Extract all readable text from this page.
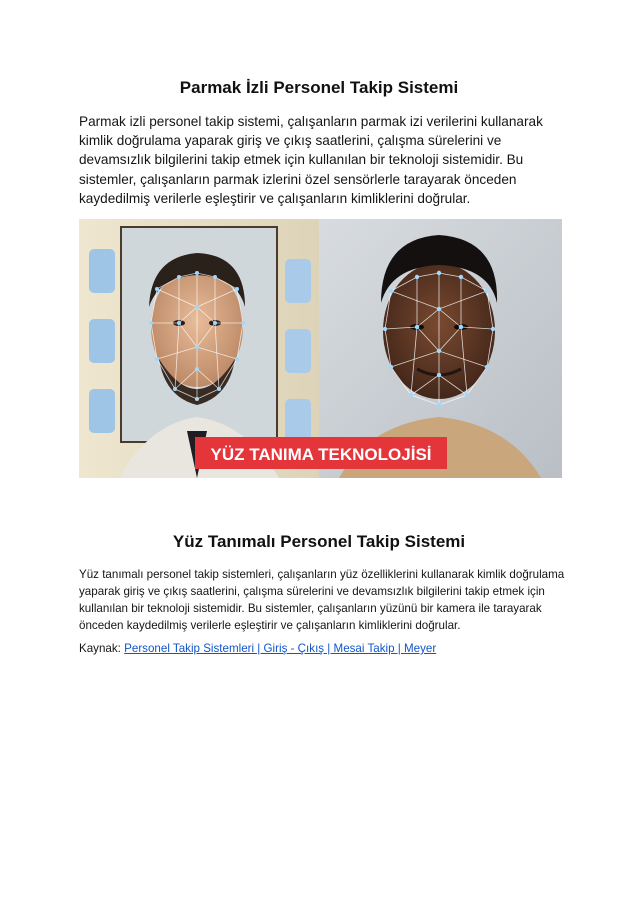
Parmak İzli Personel Takip Sistemi

Parmak izli personel takip sistemi, çalışanların parmak izi verilerini kullanarak kimlik doğrulama yaparak giriş ve çıkış saatlerini, çalışma sürelerini ve devamsızlık bilgilerini takip etmek için kullanılan bir teknoloji sistemidir. Bu sistemler, çalışanların parmak izlerini özel sensörlerle tarayarak önceden kaydedilmiş verilerle eşleştirir ve çalışanların kimliklerini doğrular.

YÜZ TANIMA TEKNOLOJİSİ
Yüz Tanımalı Personel Takip Sistemi

Yüz tanımalı personel takip sistemleri, çalışanların yüz özelliklerini kullanarak kimlik doğrulama yaparak giriş ve çıkış saatlerini, çalışma sürelerini ve devamsızlık bilgilerini takip etmek için kullanılan bir teknoloji sistemidir. Bu sistemler, çalışanların yüzünü bir kamera ile tarayarak önceden kaydedilmiş verilerle eşleştirir ve çalışanların kimliklerini doğrular.

Kaynak: Personel Takip Sistemleri | Giriş - Çıkış | Mesai Takip | Meyer
